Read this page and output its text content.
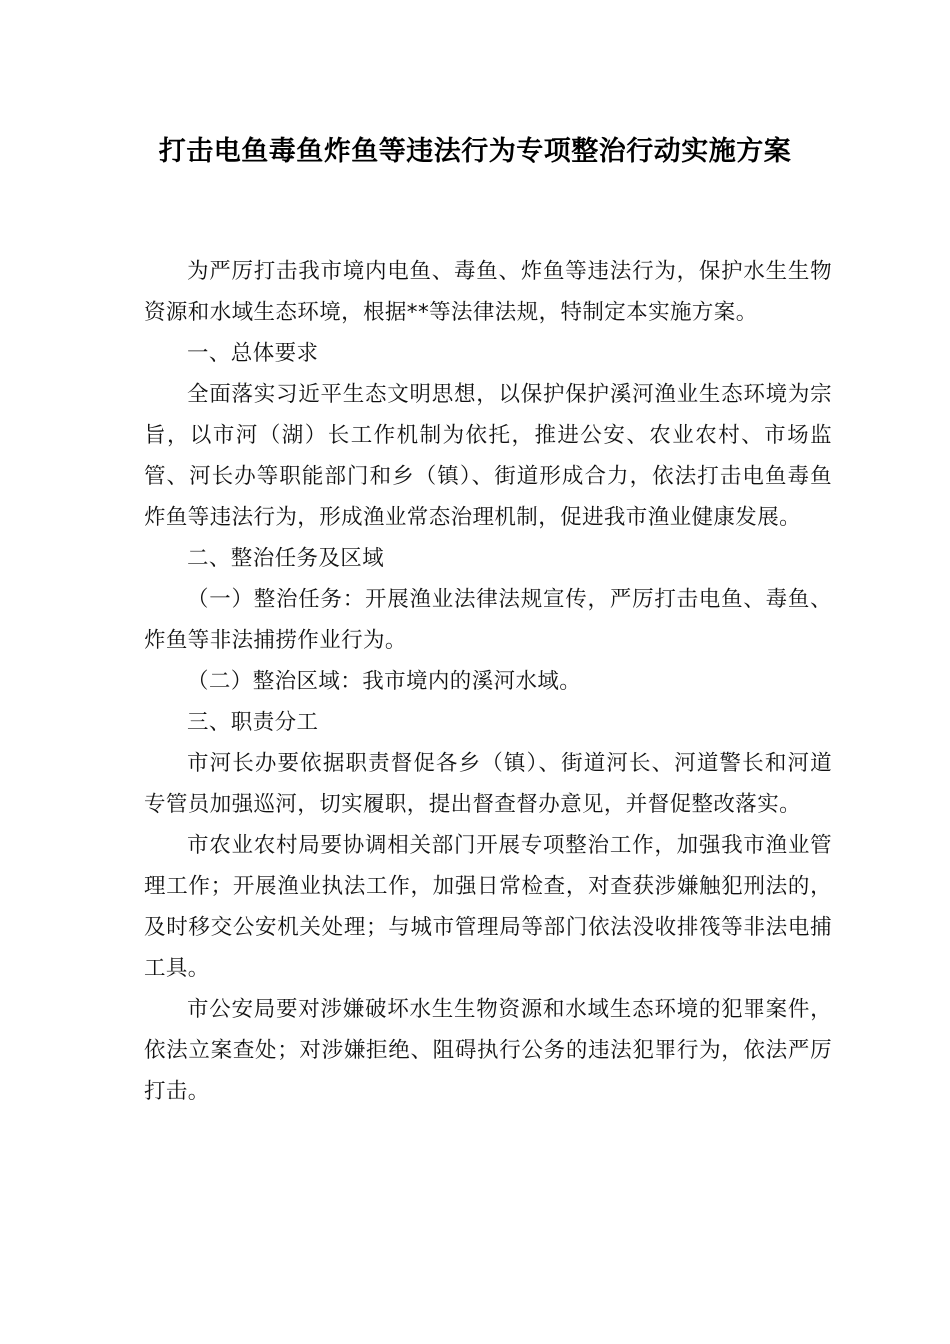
打击电鱼毒鱼炸鱼等违法行为专项整治行动实施方案

为严厉打击我市境内电鱼、毒鱼、炸鱼等违法行为，保护水生生物资源和水域生态环境，根据**等法律法规，特制定本实施方案。

一、总体要求

全面落实习近平生态文明思想，以保护保护溪河渔业生态环境为宗旨，以市河（湖）长工作机制为依托，推进公安、农业农村、市场监管、河长办等职能部门和乡（镇）、街道形成合力，依法打击电鱼毒鱼炸鱼等违法行为，形成渔业常态治理机制，促进我市渔业健康发展。

二、整治任务及区域

（一）整治任务：开展渔业法律法规宣传，严厉打击电鱼、毒鱼、炸鱼等非法捕捞作业行为。

（二）整治区域：我市境内的溪河水域。

三、职责分工

市河长办要依据职责督促各乡（镇）、街道河长、河道警长和河道专管员加强巡河，切实履职，提出督查督办意见，并督促整改落实。

市农业农村局要协调相关部门开展专项整治工作，加强我市渔业管理工作；开展渔业执法工作，加强日常检查，对查获涉嫌触犯刑法的，及时移交公安机关处理；与城市管理局等部门依法没收排筏等非法电捕工具。

市公安局要对涉嫌破坏水生生物资源和水域生态环境的犯罪案件，依法立案查处；对涉嫌拒绝、阻碍执行公务的违法犯罪行为，依法严厉打击。
